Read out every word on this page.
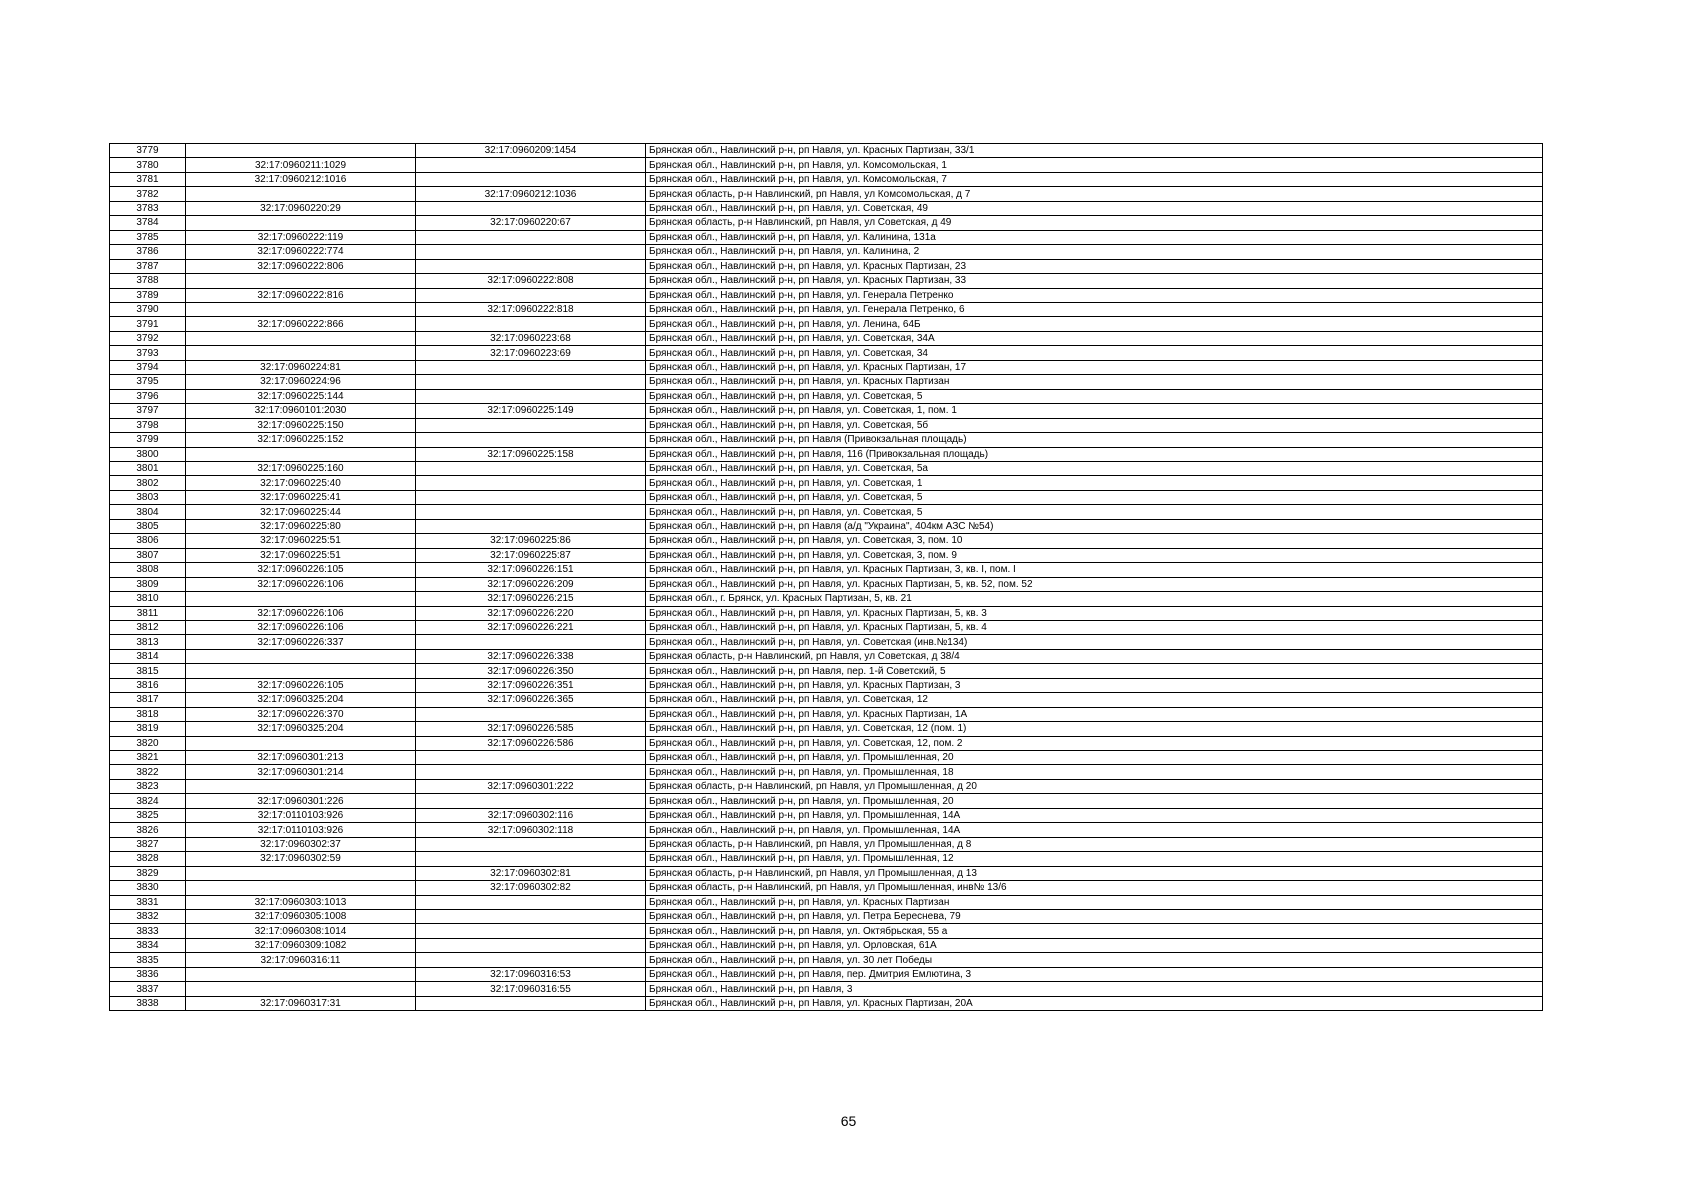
3779		32:17:0960209:1454	Брянская обл., Навлинский р-н, рп Навля, ул. Красных Партизан, 33/1
3780	32:17:0960211:1029		Брянская обл., Навлинский р-н, рп Навля, ул. Комсомольская, 1
3781	32:17:0960212:1016		Брянская обл., Навлинский р-н, рп Навля, ул. Комсомольская, 7
3782		32:17:0960212:1036	Брянская область, р-н Навлинский, рп Навля, ул Комсомольская, д 7
3783	32:17:0960220:29		Брянская обл., Навлинский р-н, рп Навля, ул. Советская, 49
3784		32:17:0960220:67	Брянская область, р-н Навлинский, рп Навля, ул Советская, д 49
3785	32:17:0960222:119		Брянская обл., Навлинский р-н, рп Навля, ул. Калинина, 131а
3786	32:17:0960222:774		Брянская обл., Навлинский р-н, рп Навля, ул. Калинина, 2
3787	32:17:0960222:806		Брянская обл., Навлинский р-н, рп Навля, ул. Красных Партизан, 23
3788		32:17:0960222:808	Брянская обл., Навлинский р-н, рп Навля, ул. Красных Партизан, 33
3789	32:17:0960222:816		Брянская обл., Навлинский р-н, рп Навля, ул. Генерала Петренко
3790		32:17:0960222:818	Брянская обл., Навлинский р-н, рп Навля, ул. Генерала Петренко, 6
3791	32:17:0960222:866		Брянская обл., Навлинский р-н, рп Навля, ул. Ленина, 64Б
3792		32:17:0960223:68	Брянская обл., Навлинский р-н, рп Навля, ул. Советская, 34А
3793		32:17:0960223:69	Брянская обл., Навлинский р-н, рп Навля, ул. Советская, 34
3794	32:17:0960224:81		Брянская обл., Навлинский р-н, рп Навля, ул. Красных Партизан, 17
3795	32:17:0960224:96		Брянская обл., Навлинский р-н, рп Навля, ул. Красных Партизан
3796	32:17:0960225:144		Брянская обл., Навлинский р-н, рп Навля, ул. Советская, 5
3797	32:17:0960101:2030	32:17:0960225:149	Брянская обл., Навлинский р-н, рп Навля, ул. Советская, 1, пом. 1
3798	32:17:0960225:150		Брянская обл., Навлинский р-н, рп Навля, ул. Советская, 5б
3799	32:17:0960225:152		Брянская обл., Навлинский р-н, рп Навля (Привокзальная площадь)
3800		32:17:0960225:158	Брянская обл., Навлинский р-н, рп Навля, 116 (Привокзальная площадь)
3801	32:17:0960225:160		Брянская обл., Навлинский р-н, рп Навля, ул. Советская, 5а
3802	32:17:0960225:40		Брянская обл., Навлинский р-н, рп Навля, ул. Советская, 1
3803	32:17:0960225:41		Брянская обл., Навлинский р-н, рп Навля, ул. Советская, 5
3804	32:17:0960225:44		Брянская обл., Навлинский р-н, рп Навля, ул. Советская, 5
3805	32:17:0960225:80		Брянская обл., Навлинский р-н, рп Навля (а/д "Украина", 404км АЗС №54)
3806	32:17:0960225:51	32:17:0960225:86	Брянская обл., Навлинский р-н, рп Навля, ул. Советская, 3, пом. 10
3807	32:17:0960225:51	32:17:0960225:87	Брянская обл., Навлинский р-н, рп Навля, ул. Советская, 3, пом. 9
3808	32:17:0960226:105	32:17:0960226:151	Брянская обл., Навлинский р-н, рп Навля, ул. Красных Партизан, 3, кв. I, пом. I
3809	32:17:0960226:106	32:17:0960226:209	Брянская обл., Навлинский р-н, рп Навля, ул. Красных Партизан, 5, кв. 52, пом. 52
3810		32:17:0960226:215	Брянская обл., г. Брянск, ул. Красных Партизан, 5, кв. 21
3811	32:17:0960226:106	32:17:0960226:220	Брянская обл., Навлинский р-н, рп Навля, ул. Красных Партизан, 5, кв. 3
3812	32:17:0960226:106	32:17:0960226:221	Брянская обл., Навлинский р-н, рп Навля, ул. Красных Партизан, 5, кв. 4
3813	32:17:0960226:337		Брянская обл., Навлинский р-н, рп Навля, ул. Советская (инв.№134)
3814		32:17:0960226:338	Брянская область, р-н Навлинский, рп Навля, ул Советская, д 38/4
3815		32:17:0960226:350	Брянская обл., Навлинский р-н, рп Навля, пер. 1-й Советский, 5
3816	32:17:0960226:105	32:17:0960226:351	Брянская обл., Навлинский р-н, рп Навля, ул. Красных Партизан, 3
3817	32:17:0960325:204	32:17:0960226:365	Брянская обл., Навлинский р-н, рп Навля, ул. Советская, 12
3818	32:17:0960226:370		Брянская обл., Навлинский р-н, рп Навля, ул. Красных Партизан, 1А
3819	32:17:0960325:204	32:17:0960226:585	Брянская обл., Навлинский р-н, рп Навля, ул. Советская, 12 (пом. 1)
3820		32:17:0960226:586	Брянская обл., Навлинский р-н, рп Навля, ул. Советская, 12, пом. 2
3821	32:17:0960301:213		Брянская обл., Навлинский р-н, рп Навля, ул. Промышленная, 20
3822	32:17:0960301:214		Брянская обл., Навлинский р-н, рп Навля, ул. Промышленная, 18
3823		32:17:0960301:222	Брянская область, р-н Навлинский, рп Навля, ул Промышленная, д 20
3824	32:17:0960301:226		Брянская обл., Навлинский р-н, рп Навля, ул. Промышленная, 20
3825	32:17:0110103:926	32:17:0960302:116	Брянская обл., Навлинский р-н, рп Навля, ул. Промышленная, 14А
3826	32:17:0110103:926	32:17:0960302:118	Брянская обл., Навлинский р-н, рп Навля, ул. Промышленная, 14А
3827	32:17:0960302:37		Брянская область, р-н Навлинский, рп Навля, ул Промышленная, д 8
3828	32:17:0960302:59		Брянская обл., Навлинский р-н, рп Навля, ул. Промышленная, 12
3829		32:17:0960302:81	Брянская область, р-н Навлинский, рп Навля, ул Промышленная, д 13
3830		32:17:0960302:82	Брянская область, р-н Навлинский, рп Навля, ул Промышленная, инв№ 13/6
3831	32:17:0960303:1013		Брянская обл., Навлинский р-н, рп Навля, ул. Красных Партизан
3832	32:17:0960305:1008		Брянская обл., Навлинский р-н, рп Навля, ул. Петра Береснева, 79
3833	32:17:0960308:1014		Брянская обл., Навлинский р-н, рп Навля, ул. Октябрьская, 55 а
3834	32:17:0960309:1082		Брянская обл., Навлинский р-н, рп Навля, ул. Орловская, 61А
3835	32:17:0960316:11		Брянская обл., Навлинский р-н, рп Навля, ул. 30 лет Победы
3836		32:17:0960316:53	Брянская обл., Навлинский р-н, рп Навля, пер. Дмитрия Емлютина, 3
3837		32:17:0960316:55	Брянская обл., Навлинский р-н, рп Навля, 3
3838	32:17:0960317:31		Брянская обл., Навлинский р-н, рп Навля, ул. Красных Партизан, 20А
65
